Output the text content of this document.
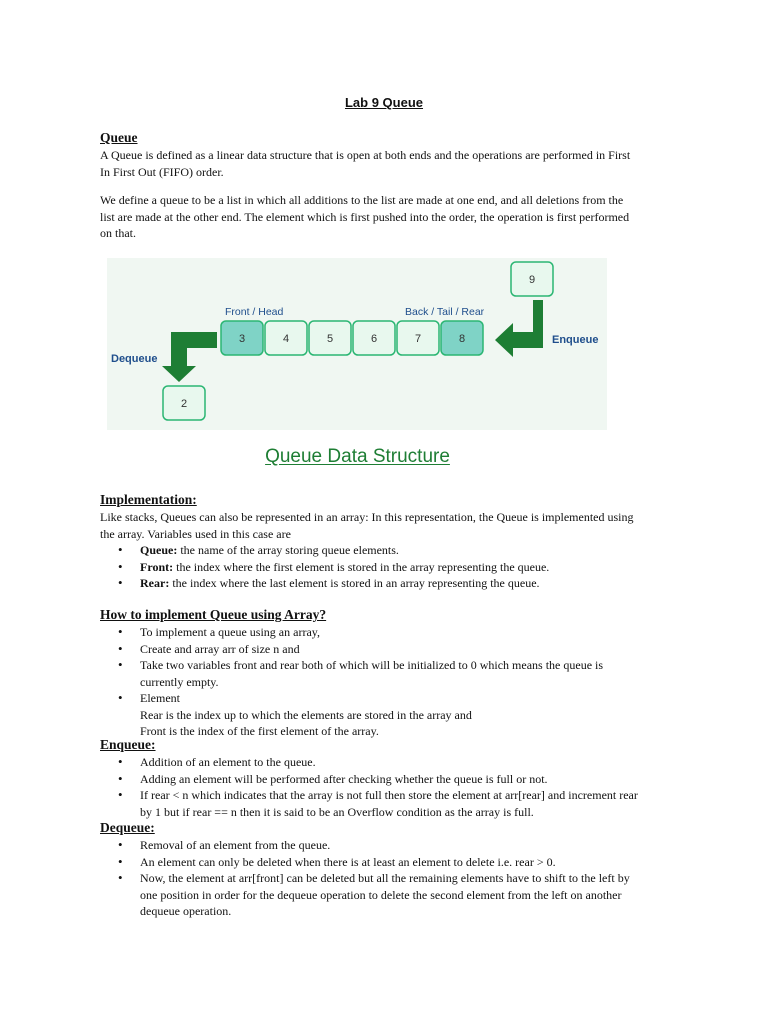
Lab 9 Queue
Queue

A Queue is defined as a linear data structure that is open at both ends and the operations are performed in First In First Out (FIFO) order.

We define a queue to be a list in which all additions to the list are made at one end, and all deletions from the list are made at the other end. The element which is first pushed into the order, the operation is first performed on that.

Front / Head	Back / Tail / Rear
3	4	5	6	7	8
9
Enqueue
Dequeue
2
Queue Data Structure
Implementation:

Like stacks, Queues can also be represented in an array: In this representation, the Queue is implemented using the array. Variables used in this case are

• Queue: the name of the array storing queue elements.
• Front: the index where the first element is stored in the array representing the queue.
• Rear: the index where the last element is stored in an array representing the queue.
How to implement Queue using Array?
• To implement a queue using an array,
• Create and array arr of size n and
• Take two variables front and rear both of which will be initialized to 0 which means the queue is currently empty.
• Element
Rear is the index up to which the elements are stored in the array and
Front is the index of the first element of the array.
Enqueue:
• Addition of an element to the queue.
• Adding an element will be performed after checking whether the queue is full or not.
• If rear < n which indicates that the array is not full then store the element at arr[rear] and increment rear by 1 but if rear == n then it is said to be an Overflow condition as the array is full.
Dequeue:
• Removal of an element from the queue.
• An element can only be deleted when there is at least an element to delete i.e. rear > 0.
• Now, the element at arr[front] can be deleted but all the remaining elements have to shift to the left by one position in order for the dequeue operation to delete the second element from the left on another dequeue operation.
